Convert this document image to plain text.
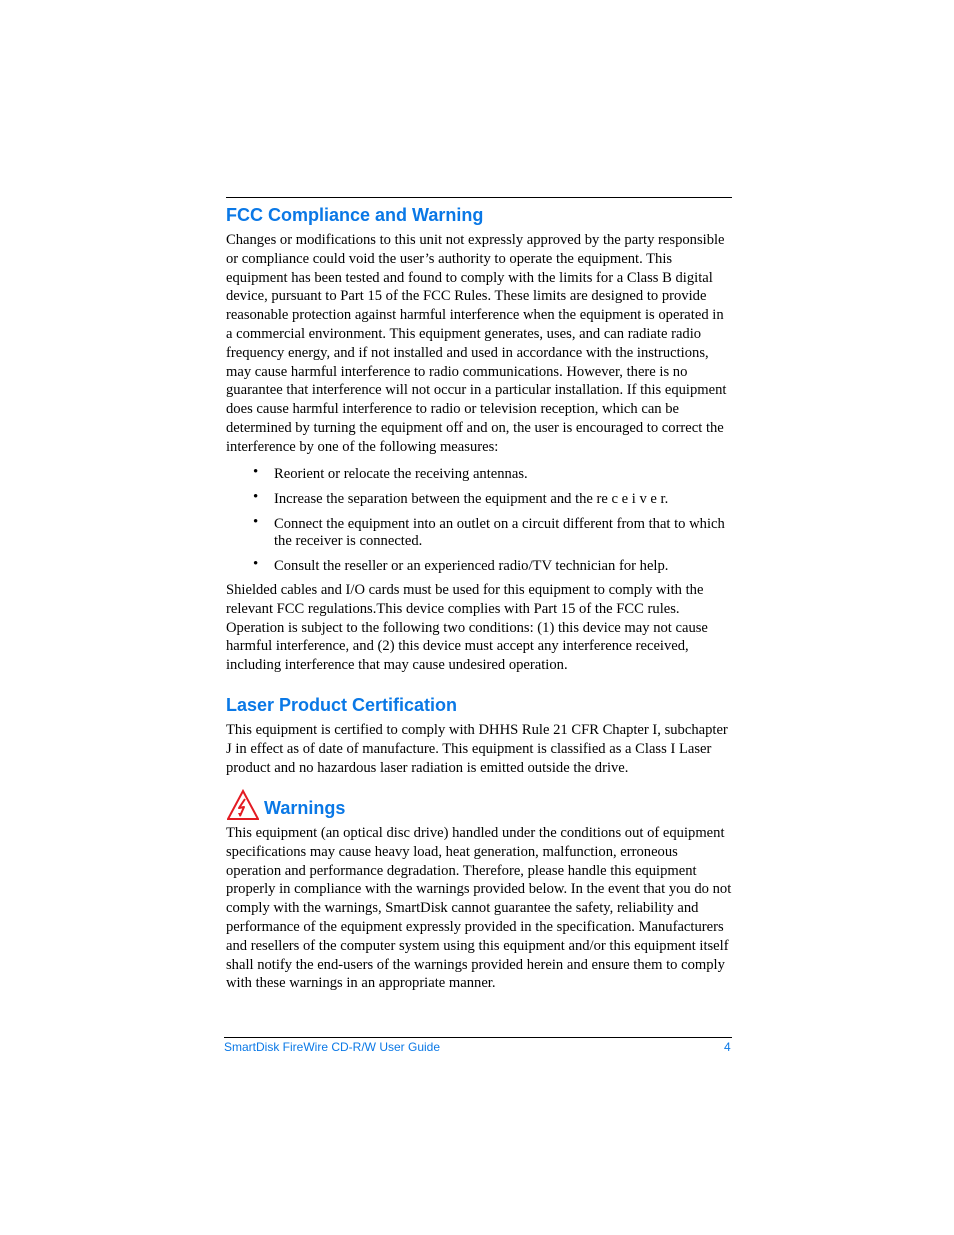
FCC Compliance and Warning

Changes or modifications to this unit not expressly approved by the party responsible or compliance could void the user’s authority to operate the equipment. This equipment has been tested and found to comply with the limits for a Class B digital device, pursuant to Part 15 of the FCC Rules. These limits are designed to provide reasonable protection against harmful interference when the equipment is operated in a commercial environment. This equipment generates, uses, and can radiate radio frequency energy, and if not installed and used in accordance with the instructions, may cause harmful interference to radio communications. However, there is no guarantee that interference will not occur in a particular installation. If this equipment does cause harmful interference to radio or television reception, which can be determined by turning the equipment off and on, the user is encouraged to correct the interference by one of the following measures:

• Reorient or relocate the receiving antennas.
• Increase the separation between the equipment and the re c e i v e r.
• Connect the equipment into an outlet on a circuit different from that to which the receiver is connected.
• Consult the reseller or an experienced radio/TV technician for help.

Shielded cables and I/O cards must be used for this equipment to comply with the relevant FCC regulations.This device complies with Part 15 of the FCC rules. Operation is subject to the following two conditions: (1) this device may not cause harmful interference, and (2) this device must accept any interference received, including interference that may cause undesired operation.

Laser Product Certification

This equipment is certified to comply with DHHS Rule 21 CFR Chapter I, subchapter J in effect as of date of manufacture. This equipment is classified as a Class I Laser product and no hazardous laser radiation is emitted outside the drive.

Warnings

This equipment (an optical disc drive) handled under the conditions out of equipment specifications may cause heavy load, heat generation, malfunction, erroneous operation and performance degradation. Therefore, please handle this equipment properly in compliance with the warnings provided below. In the event that you do not comply with the warnings, SmartDisk cannot guarantee the safety, reliability and performance of the equipment expressly provided in the specification. Manufacturers and resellers of the computer system using this equipment and/or this equipment itself shall notify the end-users of the warnings provided herein and ensure them to comply with these warnings in an appropriate manner.

SmartDisk FireWire CD-R/W User Guide	4
